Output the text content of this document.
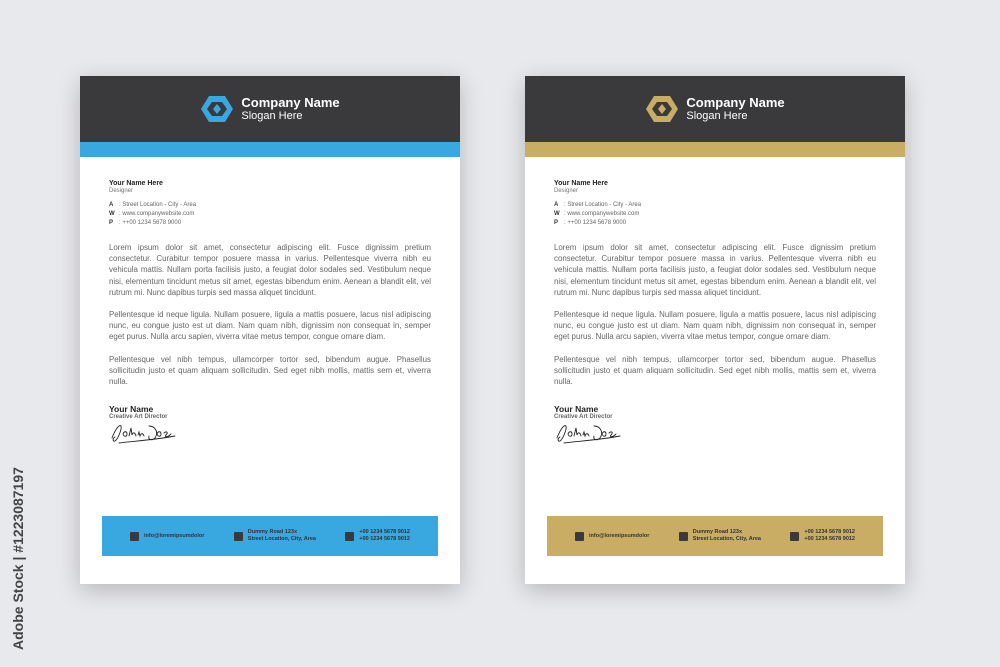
Company Name
Slogan Here
Your Name Here
Designer
A : Street Location - City - Area
W : www.companywebsite.com
P : ++00 1234 5678 9000

Lorem ipsum dolor sit amet, consectetur adipiscing elit. Fusce dignissim pretium consectetur. Curabitur tempor posuere massa in varius. Pellentesque viverra nibh eu vehicula mattis. Nullam porta facilisis justo, a feugiat dolor sodales sed. Vestibulum neque nisi, elementum tincidunt metus sit amet, egestas bibendum enim. Aenean a blandit elit, vel rutrum mi. Nunc dapibus turpis sed massa aliquet tincidunt.

Pellentesque id neque ligula. Nullam posuere, ligula a mattis posuere, lacus nisl adipiscing nunc, eu congue justo est ut diam. Nam quam nibh, dignissim non consequat in, semper eget purus. Nulla arcu sapien, viverra vitae metus tempor, congue ornare diam.

Pellentesque vel nibh tempus, ullamcorper tortor sed, bibendum augue. Phasellus sollicitudin justo et quam aliquam sollicitudin. Sed eget nibh mollis, mattis sem et, viverra nulla.

Your Name
Creative Art Director
info@loremipsumdolor
Dummy Road 123x
Street Location, City, Area
+00 1234 5678 9012
+00 1234 5678 9012
Company Name
Slogan Here
Your Name Here
Designer
A : Street Location - City - Area
W : www.companywebsite.com
P : ++00 1234 5678 9000

Lorem ipsum dolor sit amet, consectetur adipiscing elit. Fusce dignissim pretium consectetur. Curabitur tempor posuere massa in varius. Pellentesque viverra nibh eu vehicula mattis. Nullam porta facilisis justo, a feugiat dolor sodales sed. Vestibulum neque nisi, elementum tincidunt metus sit amet, egestas bibendum enim. Aenean a blandit elit, vel rutrum mi. Nunc dapibus turpis sed massa aliquet tincidunt.

Pellentesque id neque ligula. Nullam posuere, ligula a mattis posuere, lacus nisl adipiscing nunc, eu congue justo est ut diam. Nam quam nibh, dignissim non consequat in, semper eget purus. Nulla arcu sapien, viverra vitae metus tempor, congue ornare diam.

Pellentesque vel nibh tempus, ullamcorper tortor sed, bibendum augue. Phasellus sollicitudin justo et quam aliquam sollicitudin. Sed eget nibh mollis, mattis sem et, viverra nulla.

Your Name
Creative Art Director
info@loremipsumdolor
Dummy Road 123x
Street Location, City, Area
+00 1234 5678 9012
+00 1234 5678 9012
Adobe Stock | #1223087197
